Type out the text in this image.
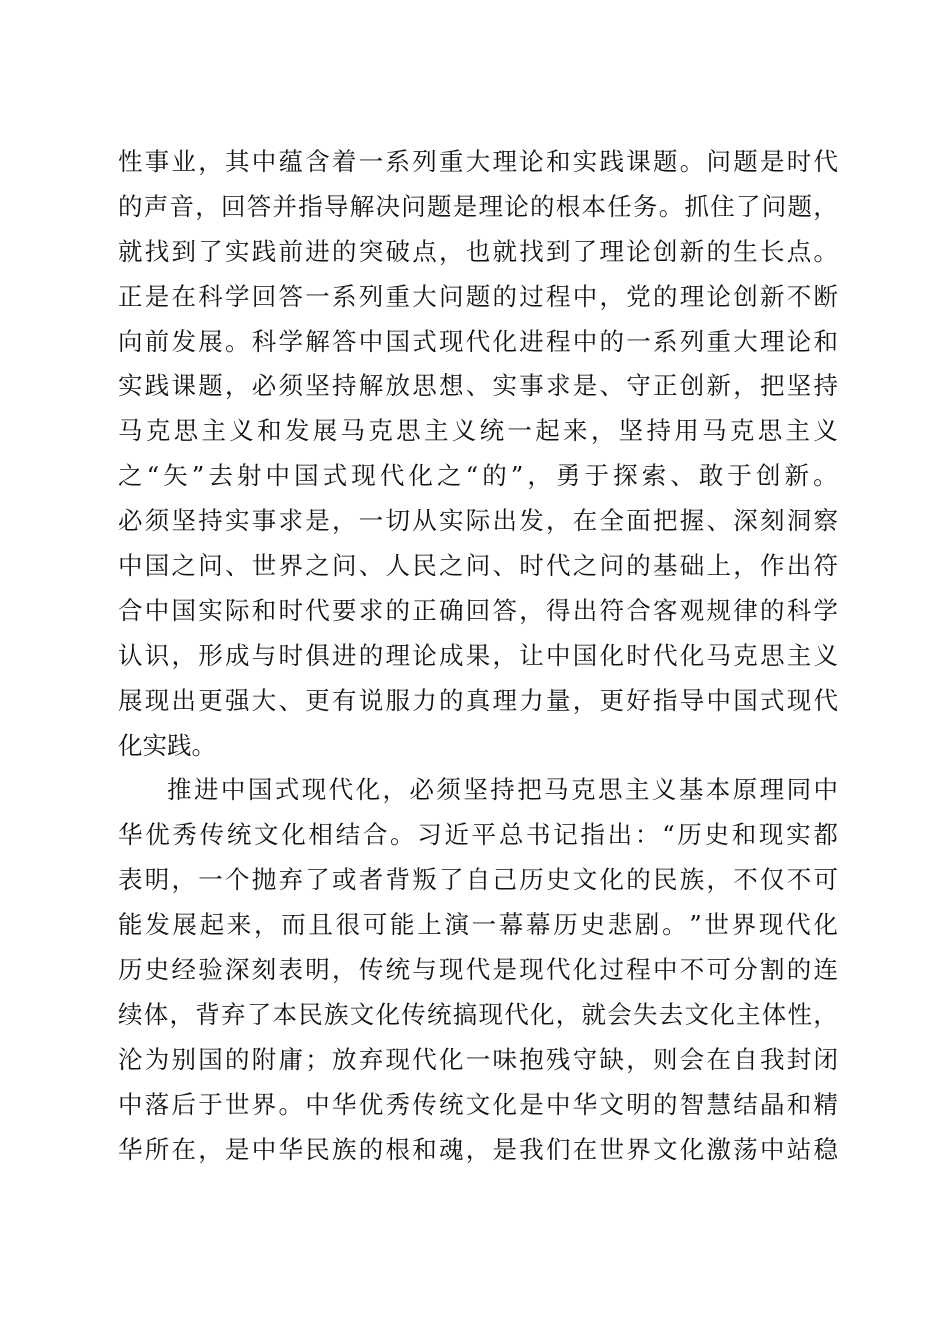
性 事 业 ， 其 中 蕴 含 着 一 系 列 重 大 理 论 和 实 践 课 题 。 问 题 是 时 代
的 声 音 ， 回 答 并 指 导 解 决 问 题 是 理 论 的 根 本 任 务 。 抓 住 了 问 题 ，
就 找 到 了 实 践 前 进 的 突 破 点 ， 也 就 找 到 了 理 论 创 新 的 生 长 点 。
正 是 在 科 学 回 答 一 系 列 重 大 问 题 的 过 程 中 ， 党 的 理 论 创 新 不 断
向 前 发 展 。 科 学 解 答 中 国 式 现 代 化 进 程 中 的 一 系 列 重 大 理 论 和
实 践 课 题 ， 必 须 坚 持 解 放 思 想 、 实 事 求 是 、 守 正 创 新 ， 把 坚 持
马 克 思 主 义 和 发 展 马 克 思 主 义 统 一 起 来 ， 坚 持 用 马 克 思 主 义
之 “ 矢 ” 去 射 中 国 式 现 代 化 之 “ 的 ” ， 勇 于 探 索 、 敢 于 创 新 。
必 须 坚 持 实 事 求 是 ， 一 切 从 实 际 出 发 ， 在 全 面 把 握 、 深 刻 洞 察
中 国 之 问 、 世 界 之 问 、 人 民 之 问 、 时 代 之 问 的 基 础 上 ， 作 出 符
合 中 国 实 际 和 时 代 要 求 的 正 确 回 答 ， 得 出 符 合 客 观 规 律 的 科 学
认 识 ， 形 成 与 时 俱 进 的 理 论 成 果 ， 让 中 国 化 时 代 化 马 克 思 主 义
展 现 出 更 强 大 、 更 有 说 服 力 的 真 理 力 量 ， 更 好 指 导 中 国 式 现 代
化实践。
推 进 中 国 式 现 代 化 ， 必 须 坚 持 把 马 克 思 主 义 基 本 原 理 同 中
华 优 秀 传 统 文 化 相 结 合 。 习 近 平 总 书 记 指 出 ： “ 历 史 和 现 实 都
表 明 ， 一 个 抛 弃 了 或 者 背 叛 了 自 己 历 史 文 化 的 民 族 ， 不 仅 不 可
能 发 展 起 来 ， 而 且 很 可 能 上 演 一 幕 幕 历 史 悲 剧 。 ” 世 界 现 代 化
历 史 经 验 深 刻 表 明 ， 传 统 与 现 代 是 现 代 化 过 程 中 不 可 分 割 的 连
续 体 ， 背 弃 了 本 民 族 文 化 传 统 搞 现 代 化 ， 就 会 失 去 文 化 主 体 性 ，
沦 为 别 国 的 附 庸 ； 放 弃 现 代 化 一 味 抱 残 守 缺 ， 则 会 在 自 我 封 闭
中 落 后 于 世 界 。 中 华 优 秀 传 统 文 化 是 中 华 文 明 的 智 慧 结 晶 和 精
华 所 在 ， 是 中 华 民 族 的 根 和 魂 ， 是 我 们 在 世 界 文 化 激 荡 中 站 稳
